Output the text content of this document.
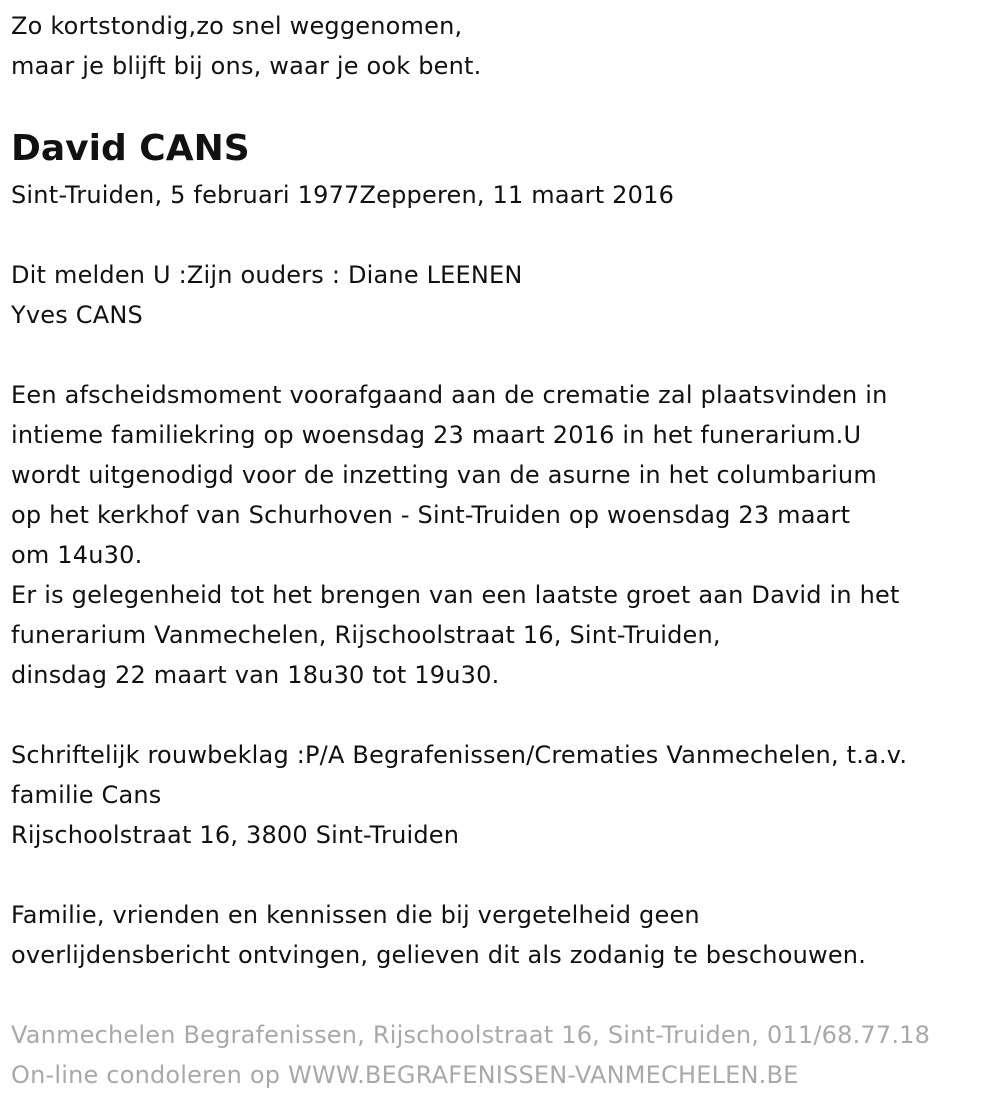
Zo kortstondig,zo snel weggenomen,
maar je blijft bij ons, waar je ook bent.
David CANS
Sint-Truiden, 5 februari 1977Zepperen, 11 maart 2016
Dit melden U :Zijn ouders : Diane LEENEN
Yves CANS
Een afscheidsmoment voorafgaand aan de crematie zal plaatsvinden in
intieme familiekring op woensdag 23 maart 2016 in het funerarium.U
wordt uitgenodigd voor de inzetting van de asurne in het columbarium
op het kerkhof van Schurhoven - Sint-Truiden op woensdag 23 maart
om 14u30.
Er is gelegenheid tot het brengen van een laatste groet aan David in het
funerarium Vanmechelen, Rijschoolstraat 16, Sint-Truiden,
dinsdag 22 maart van 18u30 tot 19u30.
Schriftelijk rouwbeklag :P/A Begrafenissen/Crematies Vanmechelen, t.a.v.
familie Cans
Rijschoolstraat 16, 3800 Sint-Truiden
Familie, vrienden en kennissen die bij vergetelheid geen
overlijdensbericht ontvingen, gelieven dit als zodanig te beschouwen.
Vanmechelen Begrafenissen, Rijschoolstraat 16, Sint-Truiden, 011/68.77.18
On-line condoleren op WWW.BEGRAFENISSEN-VANMECHELEN.BE
